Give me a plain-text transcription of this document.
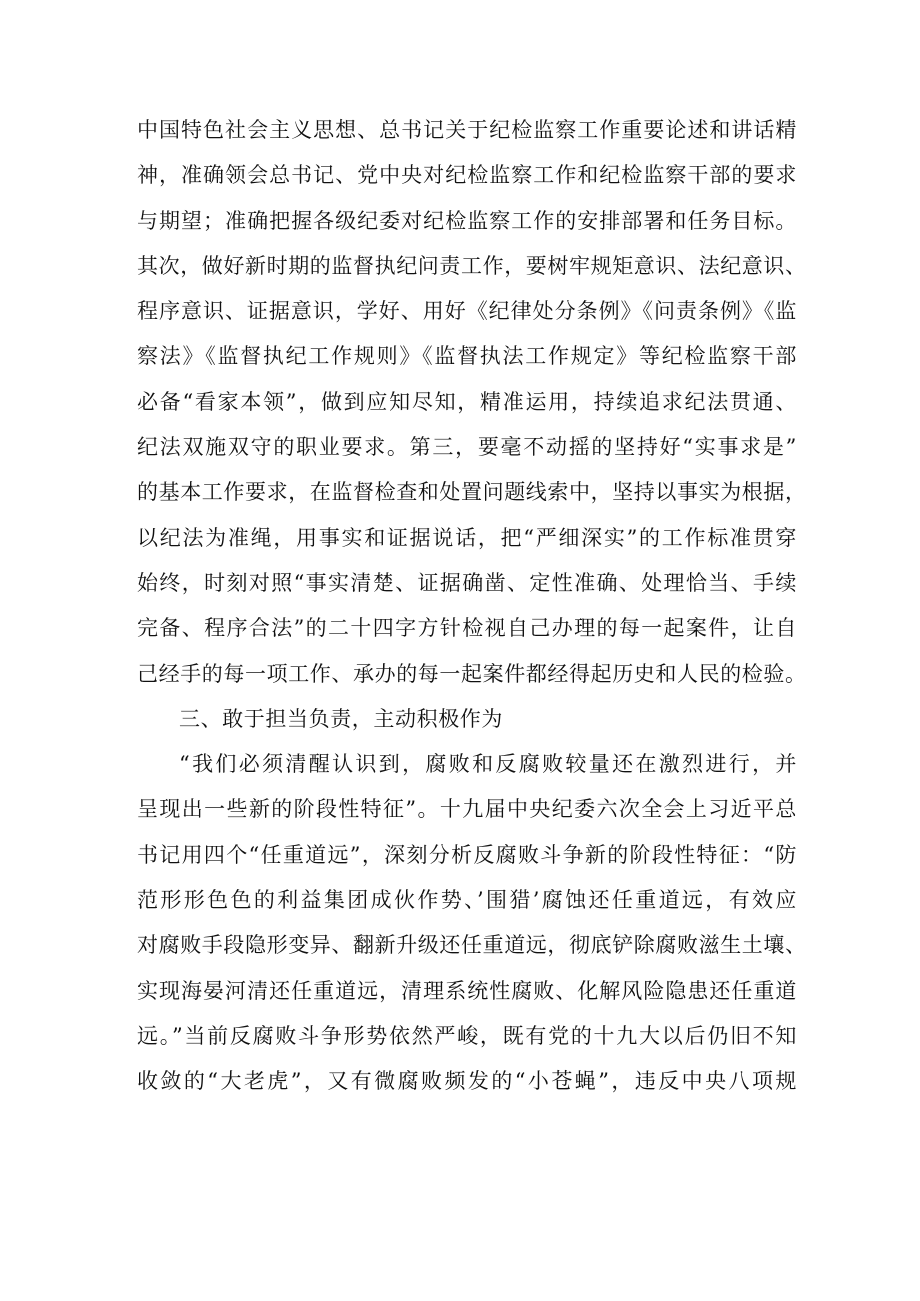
中国特色社会主义思想、总书记关于纪检监察工作重要论述和讲话精
神，准确领会总书记、党中央对纪检监察工作和纪检监察干部的要求
与期望；准确把握各级纪委对纪检监察工作的安排部署和任务目标。
其次，做好新时期的监督执纪问责工作，要树牢规矩意识、法纪意识、
程序意识、证据意识，学好、用好《纪律处分条例》《问责条例》《监
察法》《监督执纪工作规则》《监督执法工作规定》等纪检监察干部
必备“看家本领”，做到应知尽知，精准运用，持续追求纪法贯通、
纪法双施双守的职业要求。第三，要毫不动摇的坚持好“实事求是”
的基本工作要求，在监督检查和处置问题线索中，坚持以事实为根据，
以纪法为准绳，用事实和证据说话，把“严细深实”的工作标准贯穿
始终，时刻对照“事实清楚、证据确凿、定性准确、处理恰当、手续
完备、程序合法”的二十四字方针检视自己办理的每一起案件，让自
己经手的每一项工作、承办的每一起案件都经得起历史和人民的检验。
三、敢于担当负责，主动积极作为
“我们必须清醒认识到，腐败和反腐败较量还在激烈进行，并
呈现出一些新的阶段性特征”。十九届中央纪委六次全会上习近平总
书记用四个“任重道远”，深刻分析反腐败斗争新的阶段性特征：“防
范形形色色的利益集团成伙作势、’围猎’腐蚀还任重道远，有效应
对腐败手段隐形变异、翻新升级还任重道远，彻底铲除腐败滋生土壤、
实现海晏河清还任重道远，清理系统性腐败、化解风险隐患还任重道
远。”当前反腐败斗争形势依然严峻，既有党的十九大以后仍旧不知
收敛的“大老虎”，又有微腐败频发的“小苍蝇”，违反中央八项规
